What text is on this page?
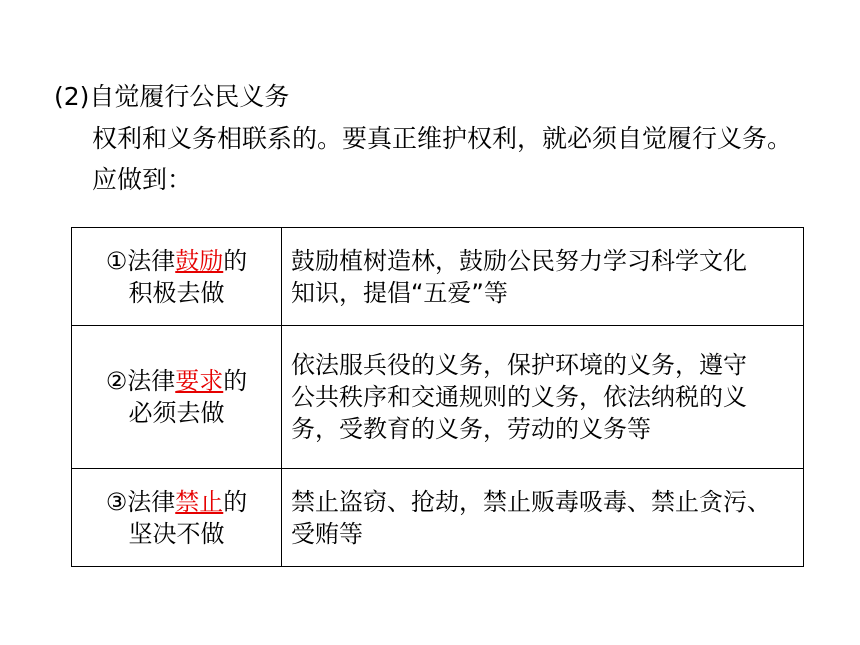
(2)自觉履行公民义务
权利和义务相联系的。要真正维护权利，就必须自觉履行义务。
应做到：
①法律鼓励的
积极去做	鼓励植树造林，鼓励公民努力学习科学文化
知识，提倡“五爱”等

②法律要求的
必须去做	依法服兵役的义务，保护环境的义务，遵守
公共秩序和交通规则的义务，依法纳税的义
务，受教育的义务，劳动的义务等

③法律禁止的
坚决不做	禁止盗窃、抢劫，禁止贩毒吸毒、禁止贪污、
受贿等
